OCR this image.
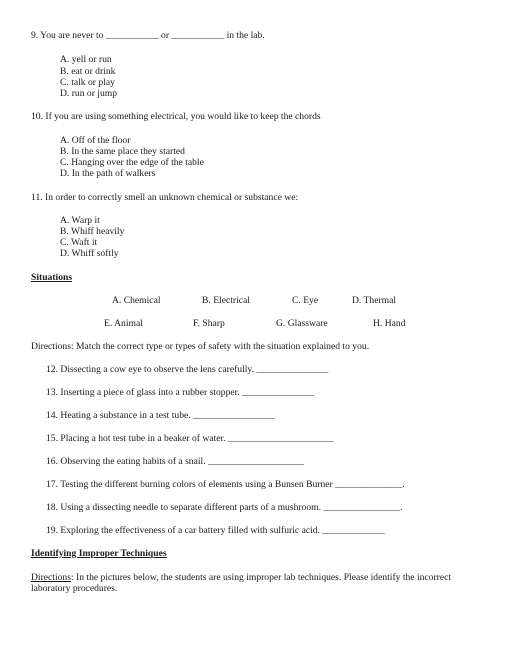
9. You are never to ___________ or ___________ in the lab.
A. yell or run
B. eat or drink
C. talk or play
D. run or jump
10. If you are using something electrical, you would like to keep the chords
A. Off of the floor
B. In the same place they started
C. Hanging over the edge of the table
D. In the path of walkers
11. In order to correctly smell an unknown chemical or substance we:
A. Warp it
B. Whiff heavily
C. Waft it
D. Whiff softly
Situations
A. Chemical	B. Electrical	C. Eye	D. Thermal
E. Animal	F. Sharp	G. Glassware	H. Hand
Directions: Match the correct type or types of safety with the situation explained to you.
12. Dissecting a cow eye to observe the lens carefully. _______________
13. Inserting a piece of glass into a rubber stopper. _______________
14. Heating a substance in a test tube. _________________
15. Placing a hot test tube in a beaker of water. ______________________
16. Observing the eating habits of a snail. ____________________
17. Testing the different burning colors of elements using a Bunsen Burner ______________.
18. Using a dissecting needle to separate different parts of a mushroom. ________________.
19. Exploring the effectiveness of a car battery filled with sulfuric acid. _____________
Identifying Improper Techniques
Directions: In the pictures below, the students are using improper lab techniques. Please identify the incorrect
laboratory procedures.
